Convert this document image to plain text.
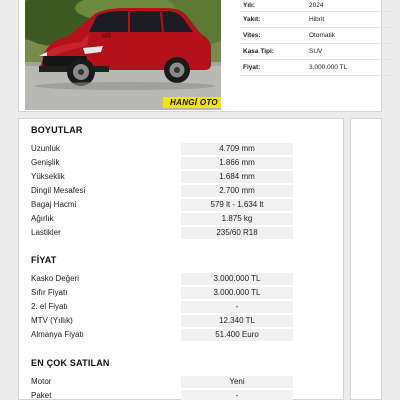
HANGİ OTO
Yılı:	2024
Yakıt:	Hibrit
Vites:	Otomatik
Kasa Tipi:	SUV
Fiyat:	3,000,000 TL
BOYUTLAR
Uzunluk	4.709 mm
Genişlik	1.866 mm
Yükseklik	1.684 mm
Dingil Mesafesi	2.700 mm
Bagaj Hacmi	579 lt - 1.634 lt
Ağırlık	1.875 kg
Lastikler	235/60 R18
FİYAT
Kasko Değeri	3.000.000 TL
Sıfır Fiyatı	3.000.000 TL
2. el Fiyatı	-
MTV (Yıllık)	12.340 TL
Almanya Fiyatı	51.400 Euro
EN ÇOK SATILAN
Motor	Yeni
Paket	-
